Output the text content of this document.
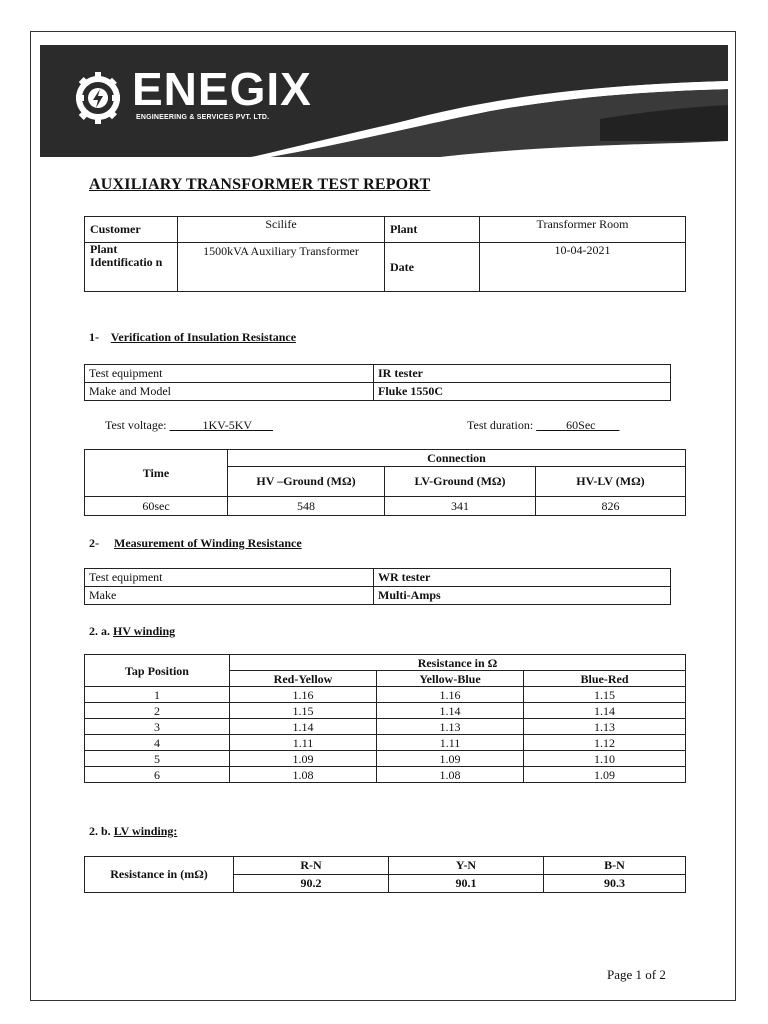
ENEGIX
ENGINEERING & SERVICES PVT. LTD.
AUXILIARY TRANSFORMER TEST REPORT
Customer	Scilife	Plant	Transformer Room
Plant Identificatio n	1500kVA Auxiliary Transformer	Date	10-04-2021
1- Verification of Insulation Resistance
Test equipment	IR tester
Make and Model	Fluke 1550C
Test voltage:	1KV-5KV	Test duration:	60Sec
Time	Connection		
	HV –Ground (MΩ)	LV-Ground (MΩ)	HV-LV (MΩ)
60sec	548	341	826
2- Measurement of Winding Resistance
Test equipment	WR tester
Make	Multi-Amps
2. a. HV winding
Tap Position	Resistance in Ω		
	Red-Yellow	Yellow-Blue	Blue-Red
1	1.16	1.16	1.15
2	1.15	1.14	1.14
3	1.14	1.13	1.13
4	1.11	1.11	1.12
5	1.09	1.09	1.10
6	1.08	1.08	1.09
2. b. LV winding:
Resistance in (mΩ)	R-N	Y-N	B-N
	90.2	90.1	90.3
Page 1 of 2
